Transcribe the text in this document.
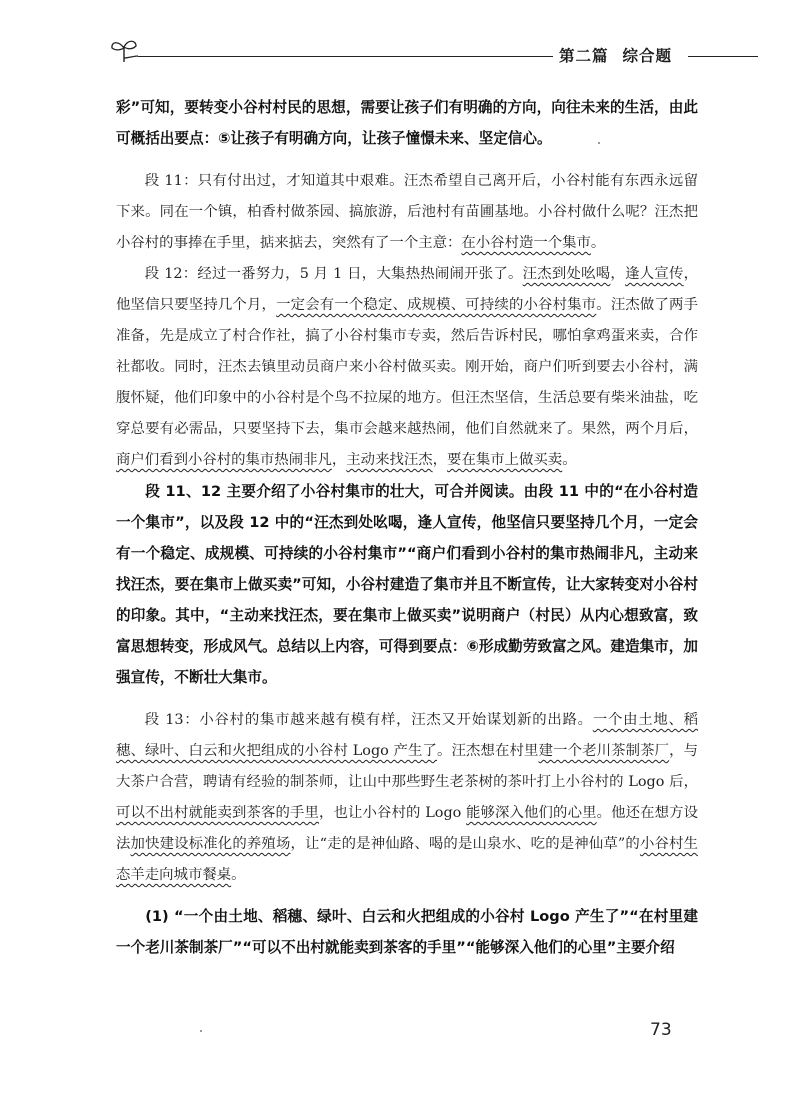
第二篇 综合题

彩”可知，要转变小谷村村民的思想，需要让孩子们有明确的方向，向往未来的生活，由此可概括出要点：⑤让孩子有明确方向，让孩子憧憬未来、坚定信心。

段 11：只有付出过，才知道其中艰难。汪杰希望自己离开后，小谷村能有东西永远留下来。同在一个镇，柏香村做茶园、搞旅游，后池村有苗圃基地。小谷村做什么呢？汪杰把小谷村的事捧在手里，掂来掂去，突然有了一个主意：在小谷村造一个集市。

段 12：经过一番努力，5 月 1 日，大集热热闹闹开张了。汪杰到处吆喝，逢人宣传，他坚信只要坚持几个月，一定会有一个稳定、成规模、可持续的小谷村集市。汪杰做了两手准备，先是成立了村合作社，搞了小谷村集市专卖，然后告诉村民，哪怕拿鸡蛋来卖，合作社都收。同时，汪杰去镇里动员商户来小谷村做买卖。刚开始，商户们听到要去小谷村，满腹怀疑，他们印象中的小谷村是个鸟不拉屎的地方。但汪杰坚信，生活总要有柴米油盐，吃穿总要有必需品，只要坚持下去，集市会越来越热闹，他们自然就来了。果然，两个月后，商户们看到小谷村的集市热闹非凡，主动来找汪杰，要在集市上做买卖。

段 11、12 主要介绍了小谷村集市的壮大，可合并阅读。由段 11 中的“在小谷村造一个集市”，以及段 12 中的“汪杰到处吆喝，逢人宣传，他坚信只要坚持几个月，一定会有一个稳定、成规模、可持续的小谷村集市”“商户们看到小谷村的集市热闹非凡，主动来找汪杰，要在集市上做买卖”可知，小谷村建造了集市并且不断宣传，让大家转变对小谷村的印象。其中，“主动来找汪杰，要在集市上做买卖”说明商户（村民）从内心想致富，致富思想转变，形成风气。总结以上内容，可得到要点：⑥形成勤劳致富之风。建造集市，加强宣传，不断壮大集市。

段 13：小谷村的集市越来越有模有样，汪杰又开始谋划新的出路。一个由土地、稻穗、绿叶、白云和火把组成的小谷村 Logo 产生了。汪杰想在村里建一个老川茶制茶厂，与大茶户合营，聘请有经验的制茶师，让山中那些野生老茶树的茶叶打上小谷村的 Logo 后，可以不出村就能卖到茶客的手里，也让小谷村的 Logo 能够深入他们的心里。他还在想方设法加快建设标准化的养殖场，让“走的是神仙路、喝的是山泉水、吃的是神仙草”的小谷村生态羊走向城市餐桌。

(1) “一个由土地、稻穗、绿叶、白云和火把组成的小谷村 Logo 产生了”“在村里建一个老川茶制茶厂”“可以不出村就能卖到茶客的手里”“能够深入他们的心里”主要介绍

73
